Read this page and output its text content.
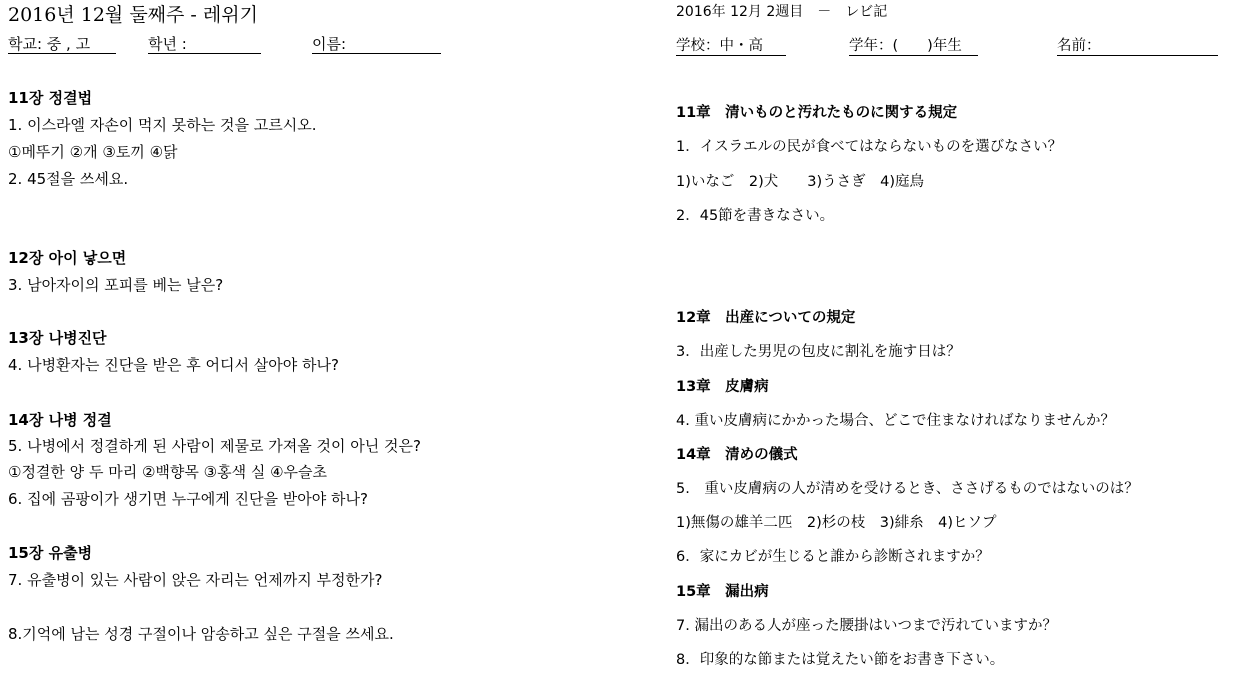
2016년 12월 둘째주 - 레위기
학교: 중 , 고	학년 :	이름:
11장 정결법
1. 이스라엘 자손이 먹지 못하는 것을 고르시오.
①메뚜기 ②개 ③토끼 ④닭
2. 45절을 쓰세요.
12장 아이 낳으면
3. 남아자이의 포피를 베는 날은?
13장 나병진단
4. 나병환자는 진단을 받은 후 어디서 살아야 하나?
14장 나병 정결
5. 나병에서 정결하게 된 사람이 제물로 가져올 것이 아닌 것은?
①정결한 양 두 마리 ②백향목 ③홍색 실 ④우슬초
6. 집에 곰팡이가 생기면 누구에게 진단을 받아야 하나?
15장 유출병
7. 유출병이 있는 사람이 앉은 자리는 언제까지 부정한가?
8.기억에 남는 성경 구절이나 암송하고 싶은 구절을 쓰세요.
2016年 12月 2週目　－　レビ記
学校：中・高	学年：(　　)年生	名前：
11章　清いものと汚れたものに関する規定
1．イスラエルの民が食べてはならないものを選びなさい？
1)いなご　2)犬　　3)うさぎ　4)庭鳥
2．45節を書きなさい。
12章　出産についての規定
3．出産した男児の包皮に割礼を施す日は？
13章　皮膚病
4. 重い皮膚病にかかった場合、どこで住まなければなりませんか？
14章　清めの儀式
5.　重い皮膚病の人が清めを受けるとき、ささげるものではないのは？
1)無傷の雄羊二匹　2)杉の枝　3)緋糸　4)ヒソプ
6．家にカビが生じると誰から診断されますか？
15章　漏出病
7. 漏出のある人が座った腰掛はいつまで汚れていますか？
8．印象的な節または覚えたい節をお書き下さい。
